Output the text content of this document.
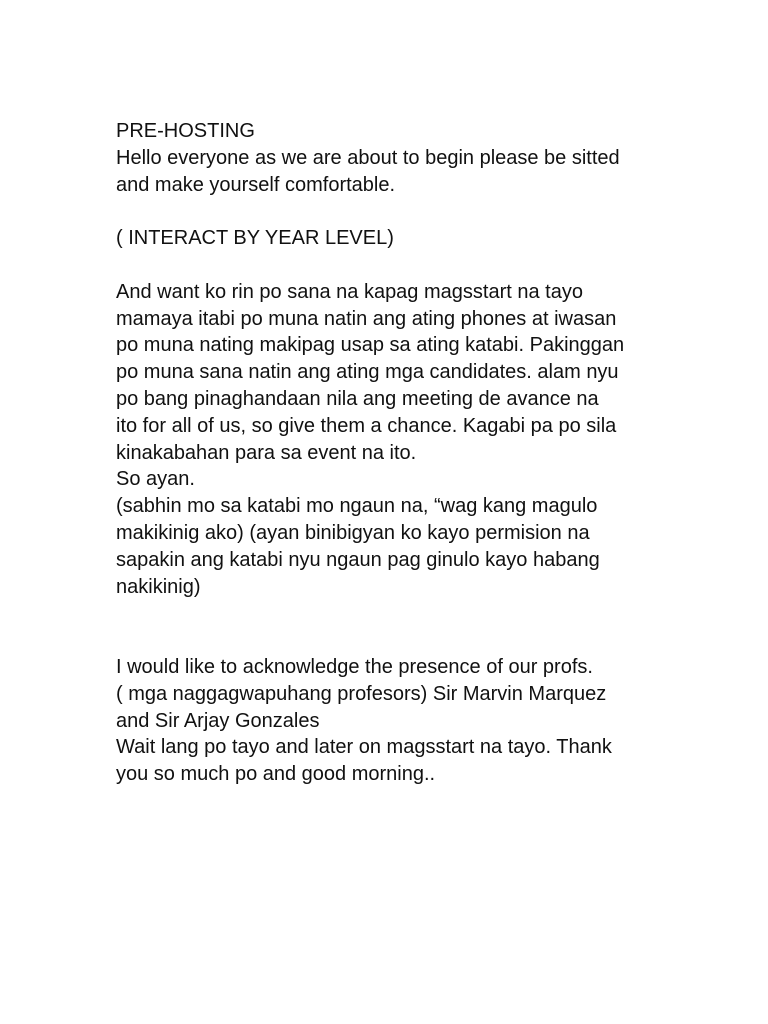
PRE-HOSTING
Hello everyone as we are about to begin please be sitted
and make yourself comfortable.
( INTERACT BY YEAR LEVEL)
And want ko rin po sana na kapag magsstart na tayo
mamaya itabi po muna natin ang ating phones at iwasan
po muna nating makipag usap sa ating katabi. Pakinggan
po muna sana natin ang ating mga candidates. alam nyu
po bang pinaghandaan nila ang meeting de avance na
ito for all of us, so give them a chance. Kagabi pa po sila
kinakabahan para sa event na ito.
So ayan.
(sabhin mo sa katabi mo ngaun na, “wag kang magulo
makikinig ako) (ayan binibigyan ko kayo permision na
sapakin ang katabi nyu ngaun pag ginulo kayo habang
nakikinig)
I would like to acknowledge the presence of our profs.
( mga naggagwapuhang profesors) Sir Marvin Marquez
and Sir Arjay Gonzales
Wait lang po tayo and later on magsstart na tayo. Thank
you so much po and good morning..
